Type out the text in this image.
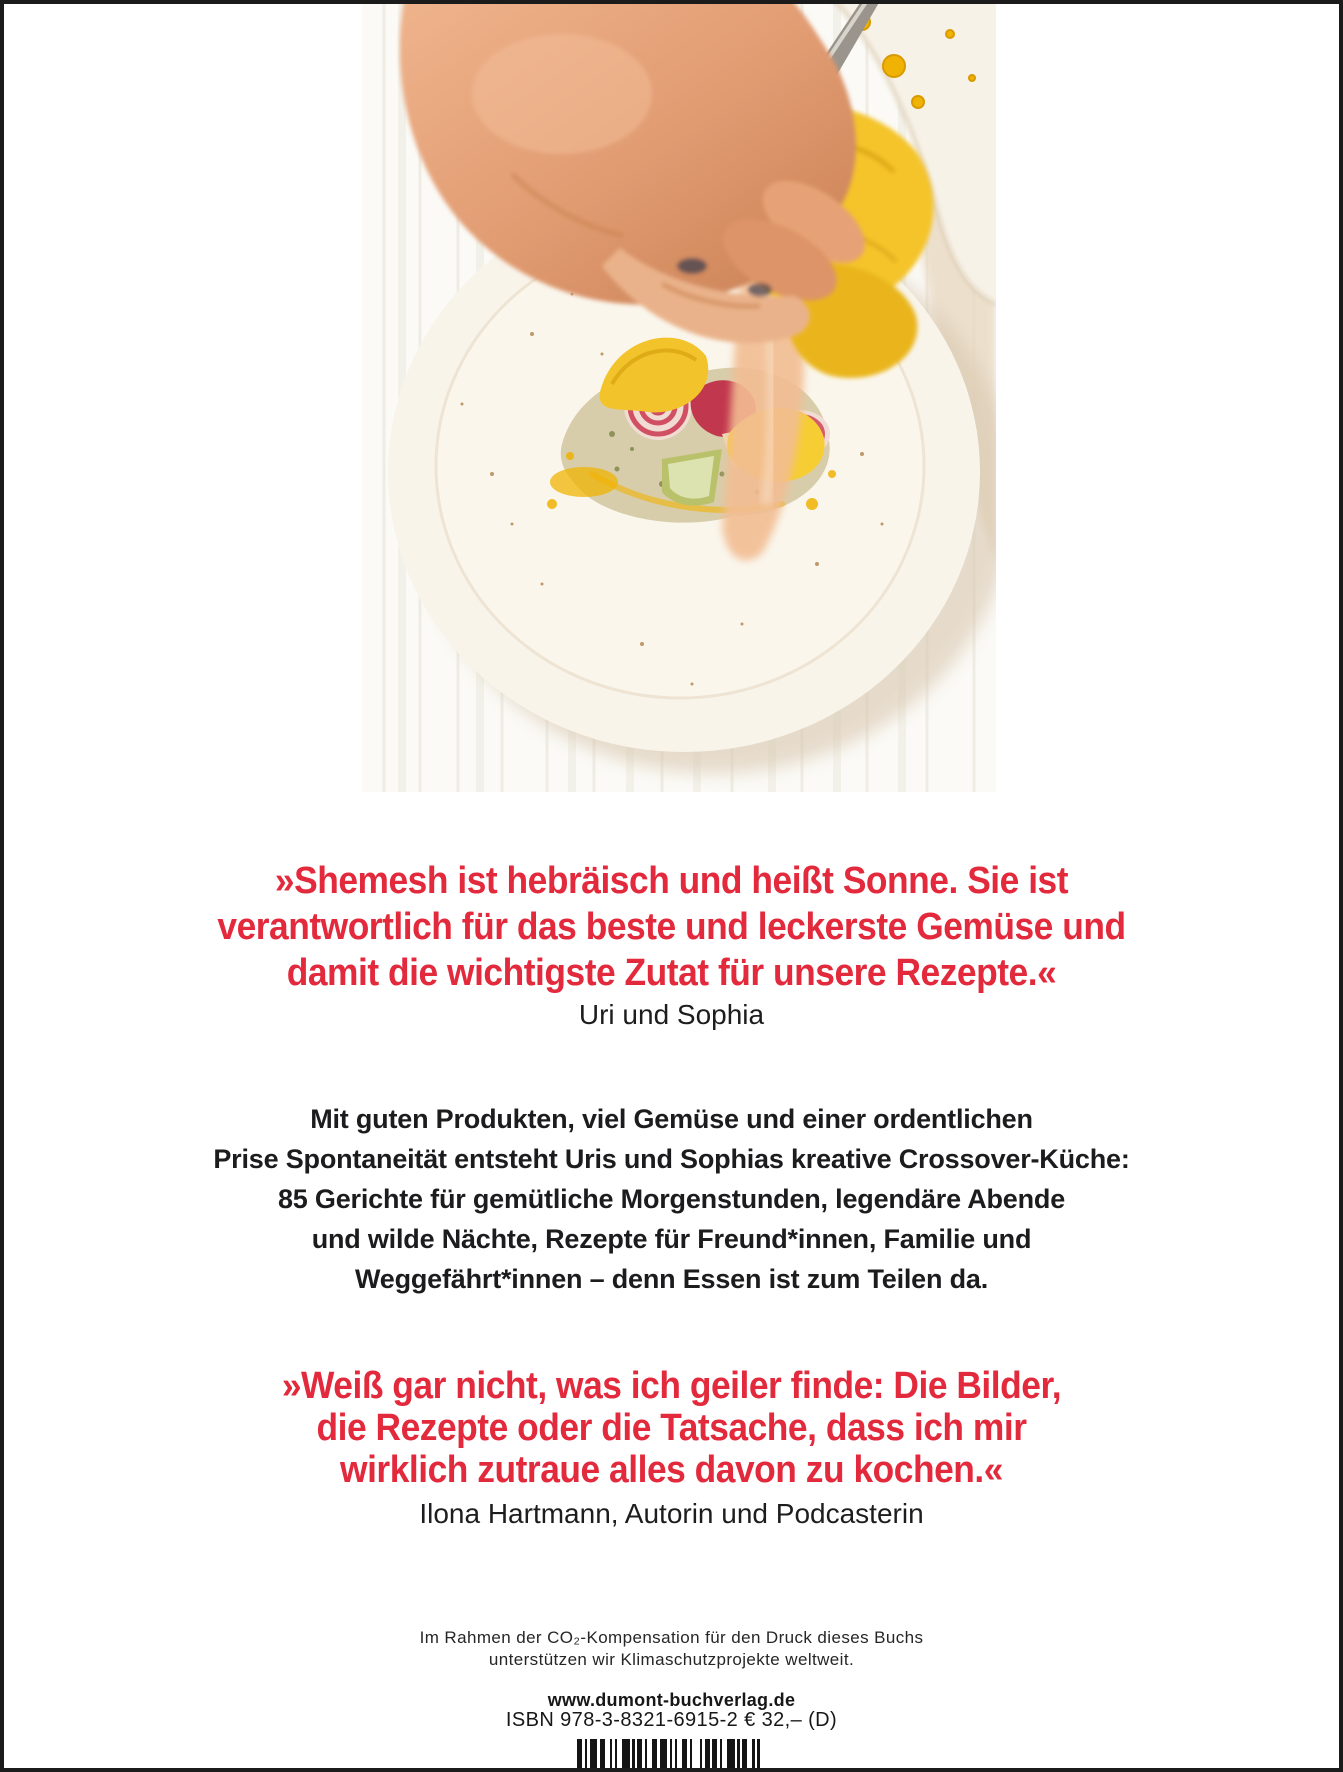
»Shemesh ist hebräisch und heißt Sonne. Sie ist
verantwortlich für das beste und leckerste Gemüse und
damit die wichtigste Zutat für unsere Rezepte.«
Uri und Sophia
Mit guten Produkten, viel Gemüse und einer ordentlichen
Prise Spontaneität entsteht Uris und Sophias kreative Crossover-Küche:
85 Gerichte für gemütliche Morgenstunden, legendäre Abende
und wilde Nächte, Rezepte für Freund*innen, Familie und
Weggefährt*innen – denn Essen ist zum Teilen da.
»Weiß gar nicht, was ich geiler finde: Die Bilder,
die Rezepte oder die Tatsache, dass ich mir
wirklich zutraue alles davon zu kochen.«
Ilona Hartmann, Autorin und Podcasterin
Im Rahmen der CO₂-Kompensation für den Druck dieses Buchs
unterstützen wir Klimaschutzprojekte weltweit.
www.dumont-buchverlag.de
ISBN 978-3-8321-6915-2 € 32,– (D)
